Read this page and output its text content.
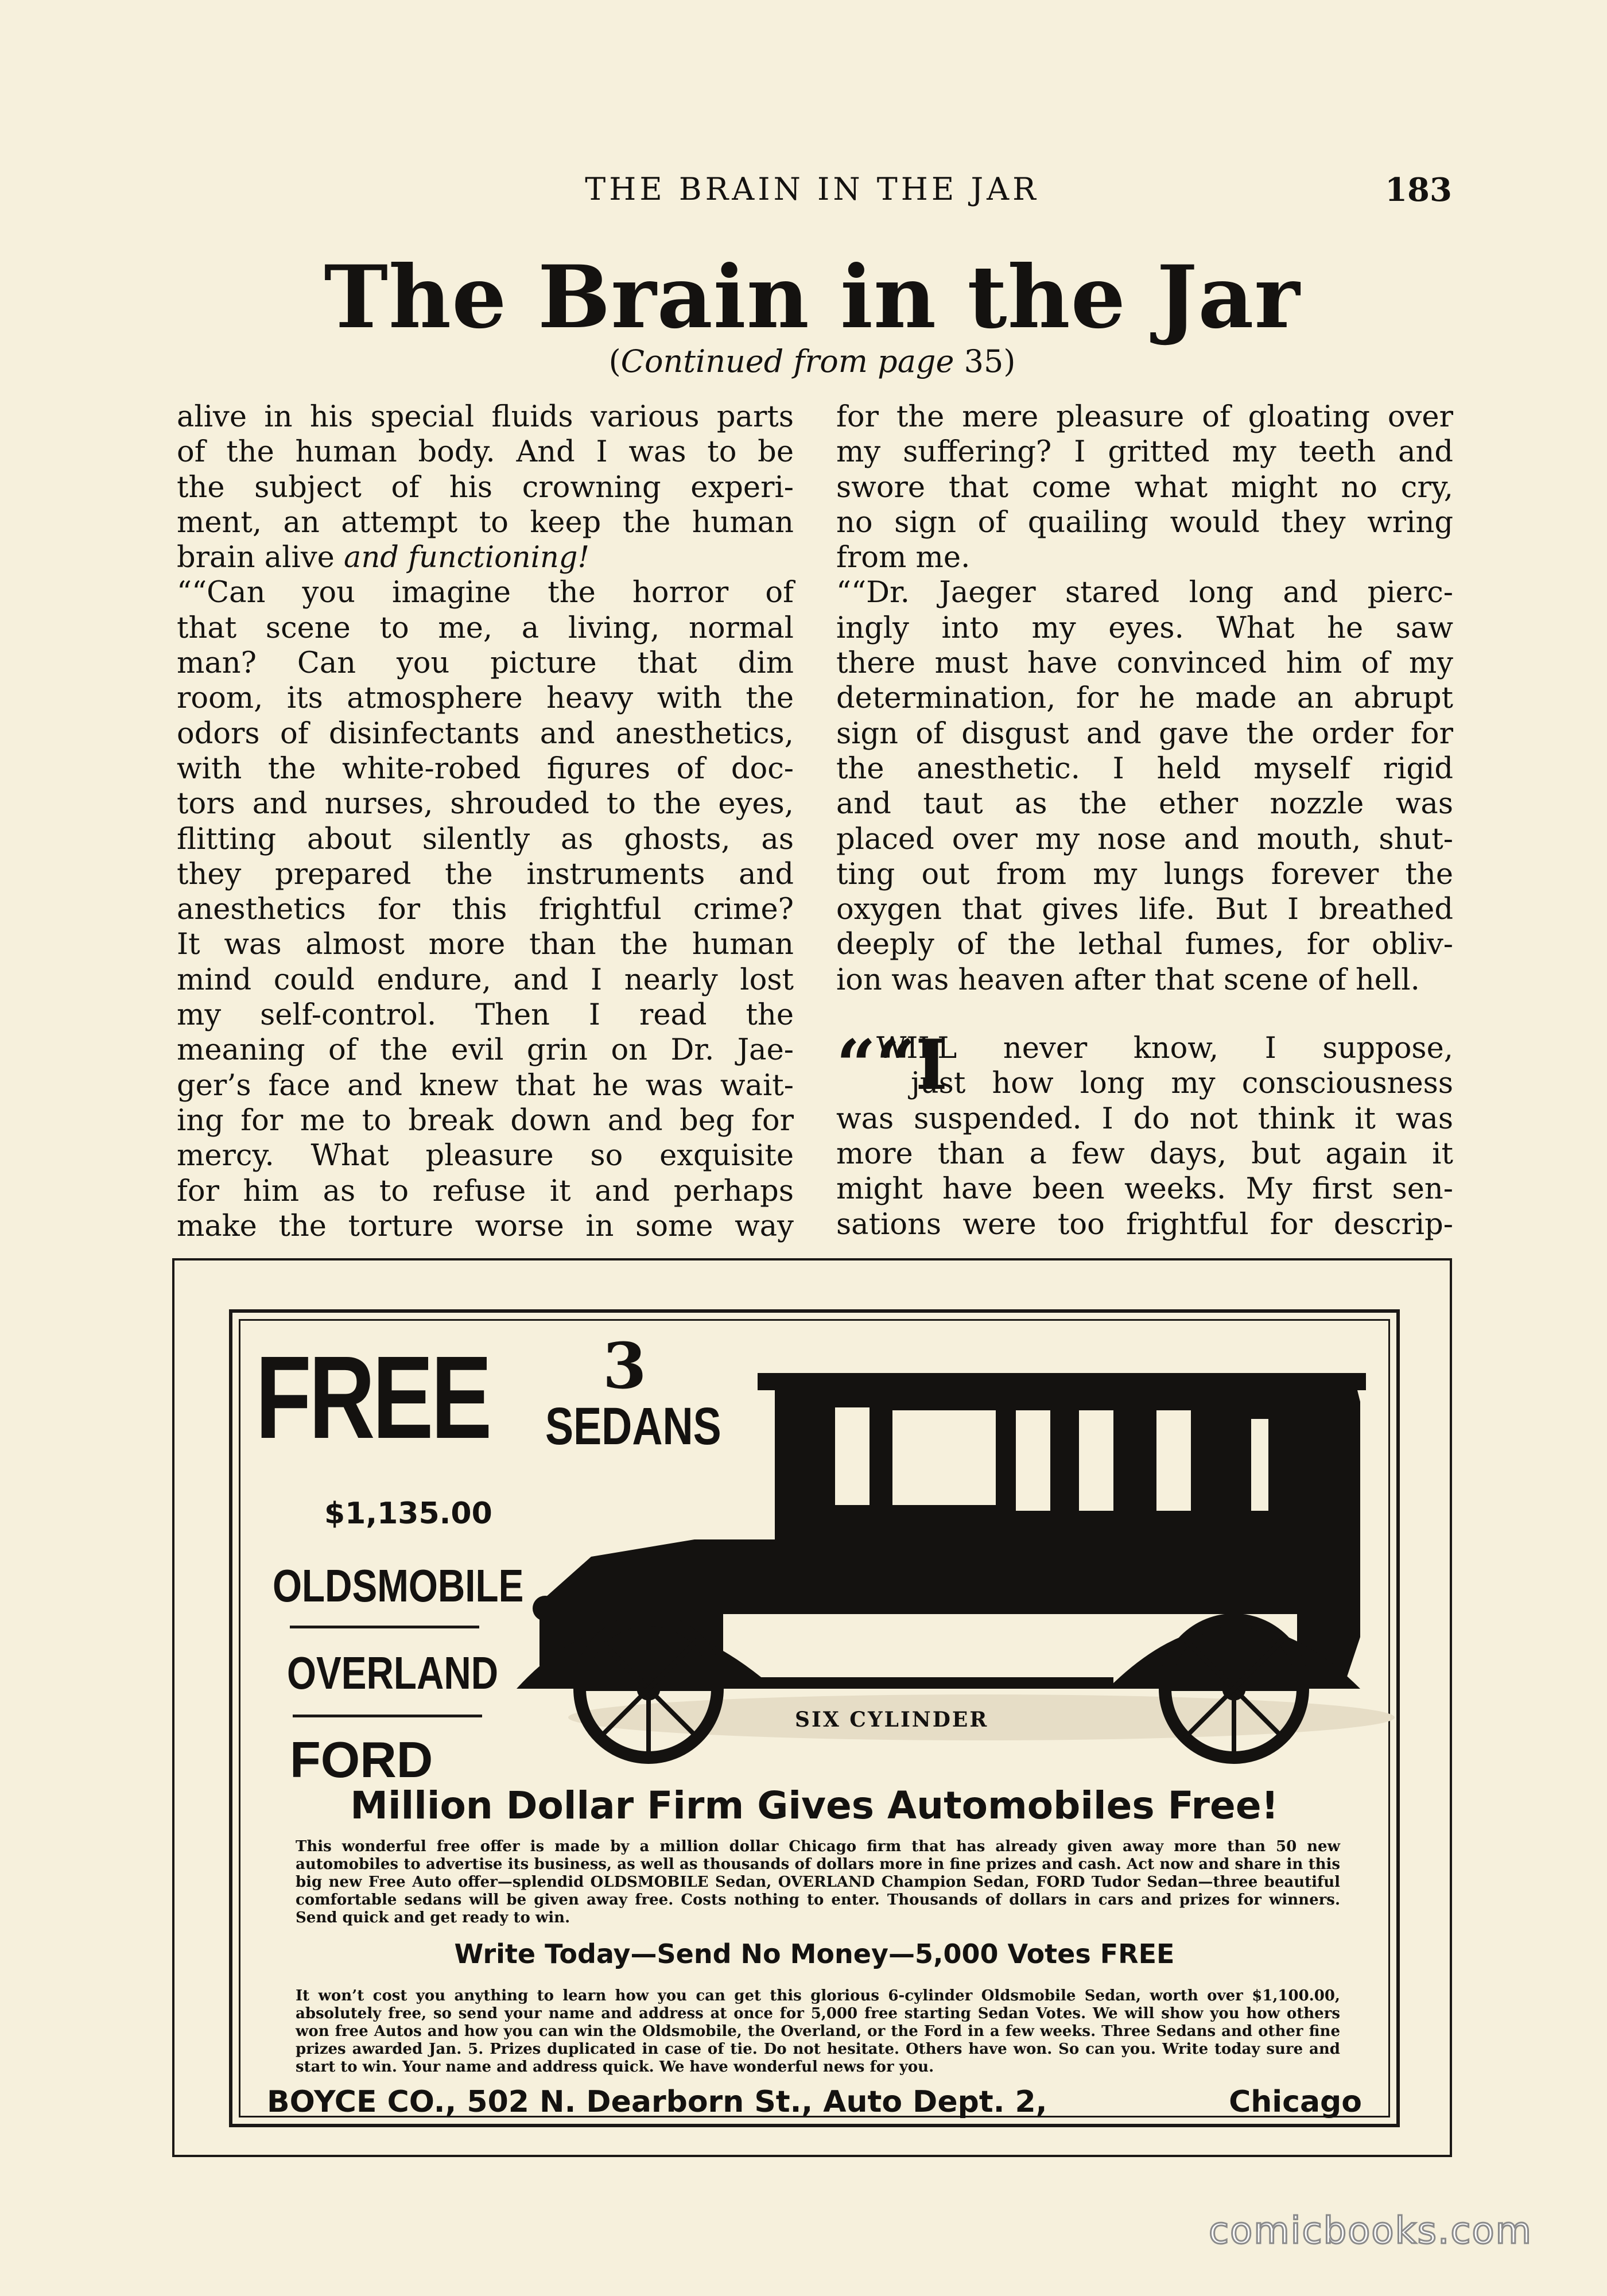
THE BRAIN IN THE JAR	183
The Brain in the Jar
(Continued from page 35)
alive in his special fluids various parts
of the human body. And I was to be
the subject of his crowning experi-
ment, an attempt to keep the human
brain alive and functioning!
““Can you imagine the horror of
that scene to me, a living, normal
man? Can you picture that dim
room, its atmosphere heavy with the
odors of disinfectants and anesthetics,
with the white-robed figures of doc-
tors and nurses, shrouded to the eyes,
flitting about silently as ghosts, as
they prepared the instruments and
anesthetics for this frightful crime?
It was almost more than the human
mind could endure, and I nearly lost
my self-control. Then I read the
meaning of the evil grin on Dr. Jae-
ger’s face and knew that he was wait-
ing for me to break down and beg for
mercy. What pleasure so exquisite
for him as to refuse it and perhaps
make the torture worse in some way
for the mere pleasure of gloating over
my suffering? I gritted my teeth and
swore that come what might no cry,
no sign of quailing would they wring
from me.
““Dr. Jaeger stared long and pierc-
ingly into my eyes. What he saw
there must have convinced him of my
determination, for he made an abrupt
sign of disgust and gave the order for
the anesthetic. I held myself rigid
and taut as the ether nozzle was
placed over my nose and mouth, shut-
ting out from my lungs forever the
oxygen that gives life. But I breathed
deeply of the lethal fumes, for obliv-
ion was heaven after that scene of hell.
““I
WILL never know, I suppose,
just how long my consciousness
was suspended. I do not think it was
more than a few days, but again it
might have been weeks. My first sen-
sations were too frightful for descrip-
FREE 3
SEDANS
$1,135.00
OLDSMOBILE
OVERLAND
FORD
SIX CYLINDER
Million Dollar Firm Gives Automobiles Free!
This wonderful free offer is made by a million dollar Chicago firm that has already given away more than 50 new automobiles to advertise its business, as well as thousands of dollars more in fine prizes and cash. Act now and share in this big new Free Auto offer—splendid OLDSMOBILE Sedan, OVERLAND Champion Sedan, FORD Tudor Sedan—three beautiful comfortable sedans will be given away free. Costs nothing to enter. Thousands of dollars in cars and prizes for winners. Send quick and get ready to win.
Write Today—Send No Money—5,000 Votes FREE
It won’t cost you anything to learn how you can get this glorious 6-cylinder Oldsmobile Sedan, worth over $1,100.00, absolutely free, so send your name and address at once for 5,000 free starting Sedan Votes. We will show you how others won free Autos and how you can win the Oldsmobile, the Overland, or the Ford in a few weeks. Three Sedans and other fine prizes awarded Jan. 5. Prizes duplicated in case of tie. Do not hesitate. Others have won. So can you. Write today sure and start to win. Your name and address quick. We have wonderful news for you.
BOYCE CO., 502 N. Dearborn St., Auto Dept. 2,	Chicago
comicbooks.com
